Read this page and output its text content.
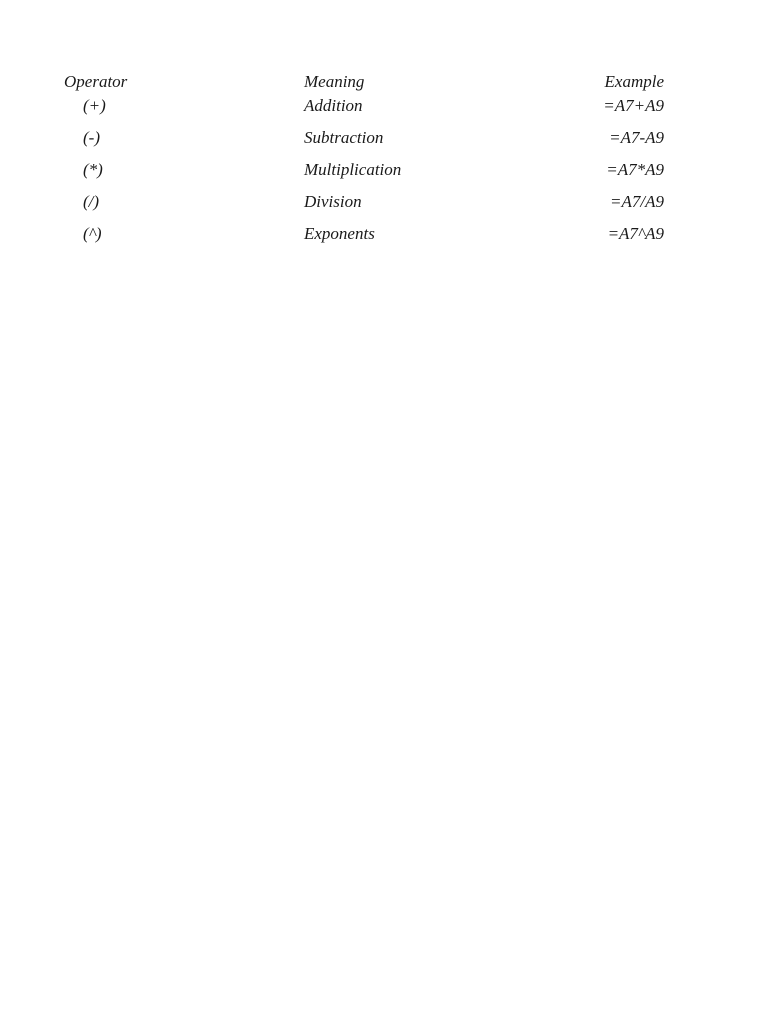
Operator	Meaning	Example
(+)	Addition	=A7+A9
(-)	Subtraction	=A7-A9
(*)	Multiplication	=A7*A9
(/)	Division	=A7/A9
(^)	Exponents	=A7^A9
